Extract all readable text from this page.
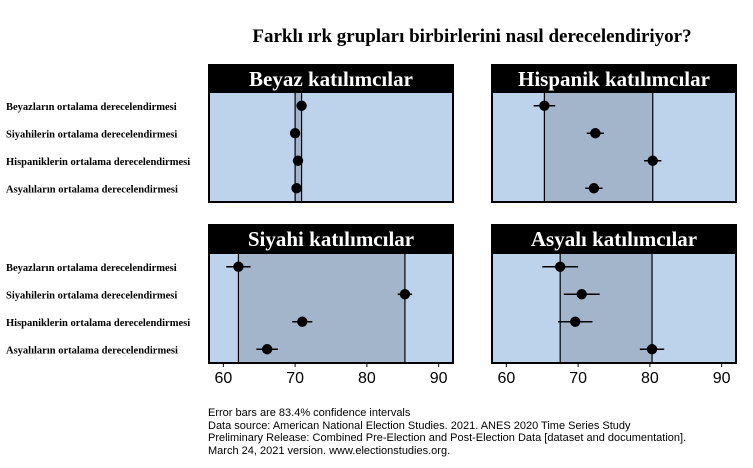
Farklı ırk grupları birbirlerini nasıl derecelendiriyor?
Beyaz katılımcılar
Beyazların ortalama derecelendirmesi
Siyahilerin ortalama derecelendirmesi
Hispaniklerin ortalama derecelendirmesi
Asyalıların ortalama derecelendirmesi
Hispanik katılımcılar
Siyahi katılımcılar
Beyazların ortalama derecelendirmesi
Siyahilerin ortalama derecelendirmesi
Hispaniklerin ortalama derecelendirmesi
Asyalıların ortalama derecelendirmesi
60	70	80	90
Asyalı katılımcılar
60	70	80	90
Error bars are 83.4% confidence intervals
Data source: American National Election Studies. 2021. ANES 2020 Time Series Study
Preliminary Release: Combined Pre-Election and Post-Election Data [dataset and documentation].
March 24, 2021 version. www.electionstudies.org.
